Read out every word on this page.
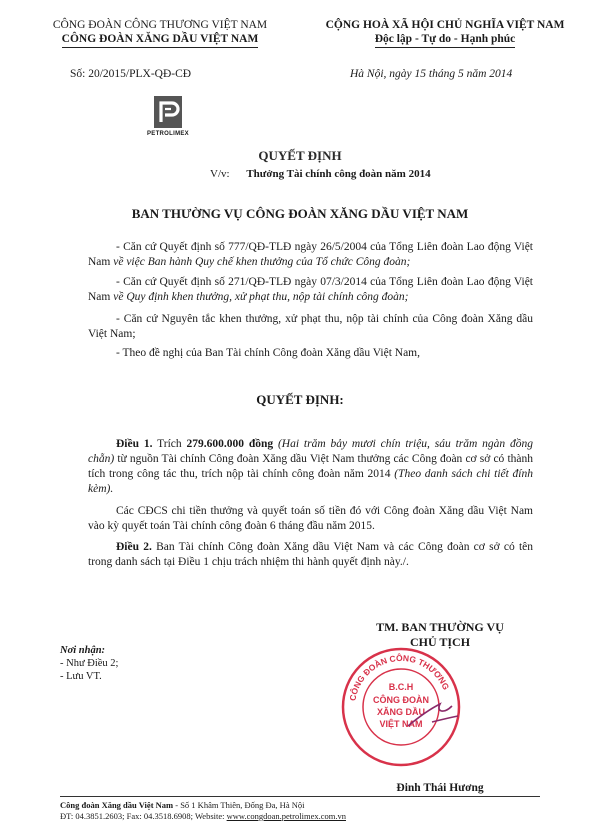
CÔNG ĐOÀN CÔNG THƯƠNG VIỆT NAM
CÔNG ĐOÀN XĂNG DẦU VIỆT NAM
CỘNG HOÀ XÃ HỘI CHỦ NGHĨA VIỆT NAM
Độc lập - Tự do - Hạnh phúc
Số: 20/2015/PLX-QĐ-CĐ	Hà Nội, ngày 15 tháng 5 năm 2014
PETROLIMEX
QUYẾT ĐỊNH
V/v: Thưởng Tài chính công đoàn năm 2014
BAN THƯỜNG VỤ CÔNG ĐOÀN XĂNG DẦU VIỆT NAM
- Căn cứ Quyết định số 777/QĐ-TLĐ ngày 26/5/2004 của Tổng Liên đoàn Lao động Việt Nam về việc Ban hành Quy chế khen thưởng của Tổ chức Công đoàn;
- Căn cứ Quyết định số 271/QĐ-TLĐ ngày 07/3/2014 của Tổng Liên đoàn Lao động Việt Nam về Quy định khen thưởng, xử phạt thu, nộp tài chính công đoàn;
- Căn cứ Nguyên tắc khen thưởng, xử phạt thu, nộp tài chính của Công đoàn Xăng dầu Việt Nam;
- Theo đề nghị của Ban Tài chính Công đoàn Xăng dầu Việt Nam,
QUYẾT ĐỊNH:
Điều 1. Trích 279.600.000 đồng (Hai trăm bảy mươi chín triệu, sáu trăm ngàn đồng chẵn) từ nguồn Tài chính Công đoàn Xăng dầu Việt Nam thưởng các Công đoàn cơ sở có thành tích trong công tác thu, trích nộp tài chính công đoàn năm 2014 (Theo danh sách chi tiết đính kèm).
Các CĐCS chi tiền thưởng và quyết toán số tiền đó với Công đoàn Xăng dầu Việt Nam vào kỳ quyết toán Tài chính công đoàn 6 tháng đầu năm 2015.
Điều 2. Ban Tài chính Công đoàn Xăng dầu Việt Nam và các Công đoàn cơ sở có tên trong danh sách tại Điều 1 chịu trách nhiệm thi hành quyết định này./.
TM. BAN THƯỜNG VỤ
CHỦ TỊCH
Nơi nhận:
- Như Điều 2;
- Lưu VT.
CÔNG ĐOÀN CÔNG THƯƠNG
B.C.H
CÔNG ĐOÀN
XĂNG DẦU
VIỆT NAM
Đinh Thái Hương
Công đoàn Xăng dầu Việt Nam - Số 1 Khâm Thiên, Đống Đa, Hà Nội
ĐT: 04.3851.2603; Fax: 04.3518.6908; Website: www.congdoan.petrolimex.com.vn
